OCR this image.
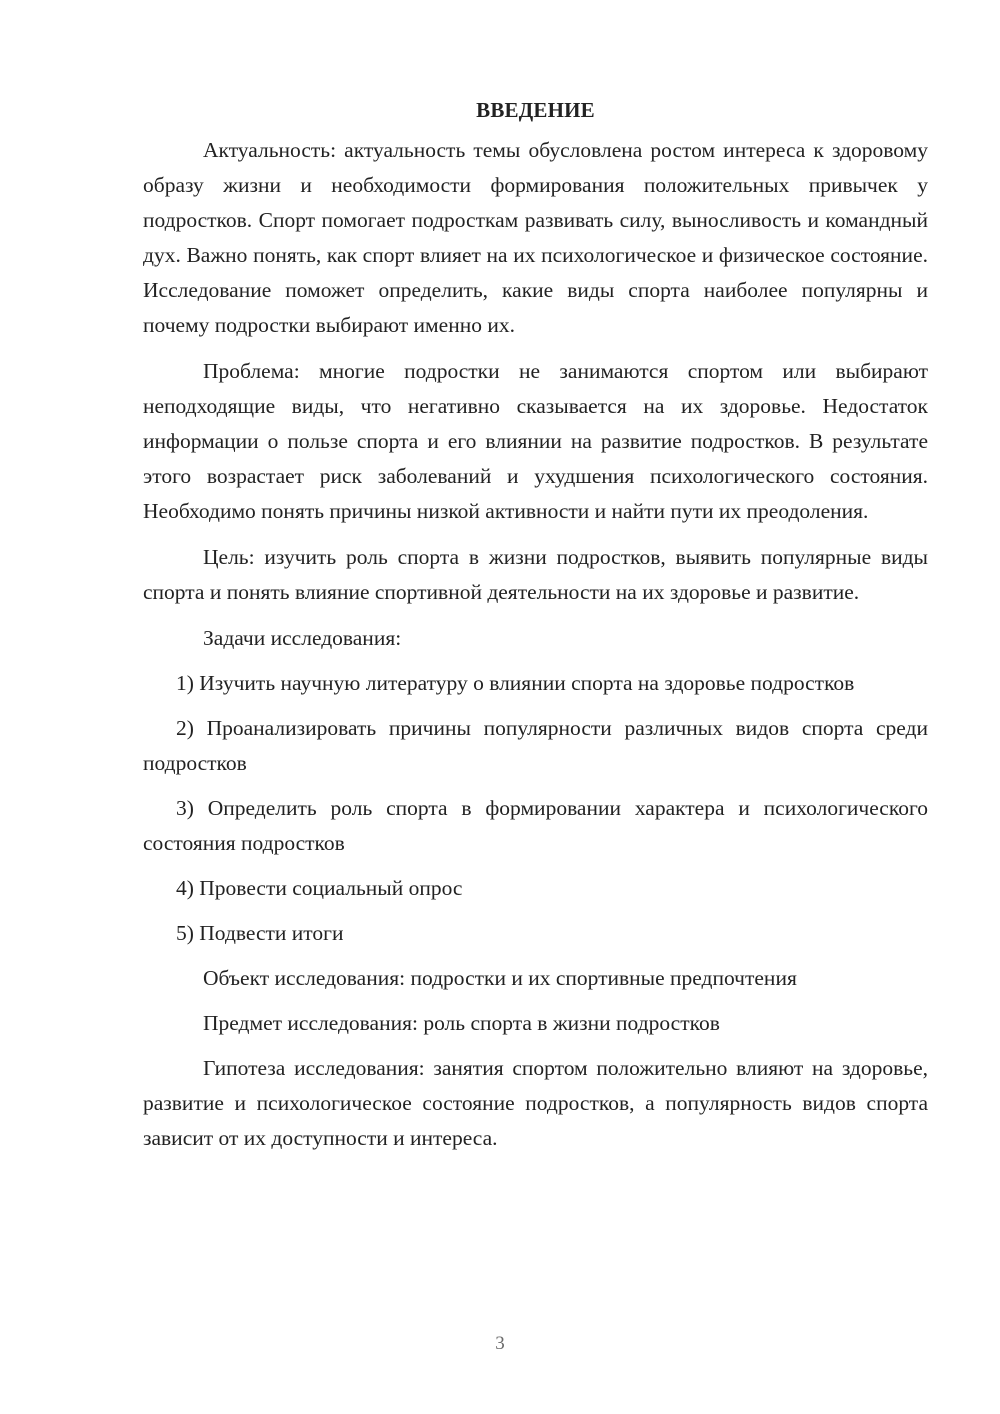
ВВЕДЕНИЕ

Актуальность: актуальность темы обусловлена ростом интереса к здоровому образу жизни и необходимости формирования положительных привычек у подростков. Спорт помогает подросткам развивать силу, выносливость и командный дух. Важно понять, как спорт влияет на их психологическое и физическое состояние. Исследование поможет определить, какие виды спорта наиболее популярны и почему подростки выбирают именно их.

Проблема: многие подростки не занимаются спортом или выбирают неподходящие виды, что негативно сказывается на их здоровье. Недостаток информации о пользе спорта и его влиянии на развитие подростков. В результате этого возрастает риск заболеваний и ухудшения психологического состояния. Необходимо понять причины низкой активности и найти пути их преодоления.

Цель: изучить роль спорта в жизни подростков, выявить популярные виды спорта и понять влияние спортивной деятельности на их здоровье и развитие.

Задачи исследования:

1) Изучить научную литературу о влиянии спорта на здоровье подростков

2) Проанализировать причины популярности различных видов спорта среди подростков

3) Определить роль спорта в формировании характера и психологического состояния подростков

4) Провести социальный опрос

5) Подвести итоги

Объект исследования: подростки и их спортивные предпочтения

Предмет исследования: роль спорта в жизни подростков

Гипотеза исследования: занятия спортом положительно влияют на здоровье, развитие и психологическое состояние подростков, а популярность видов спорта зависит от их доступности и интереса.

3
